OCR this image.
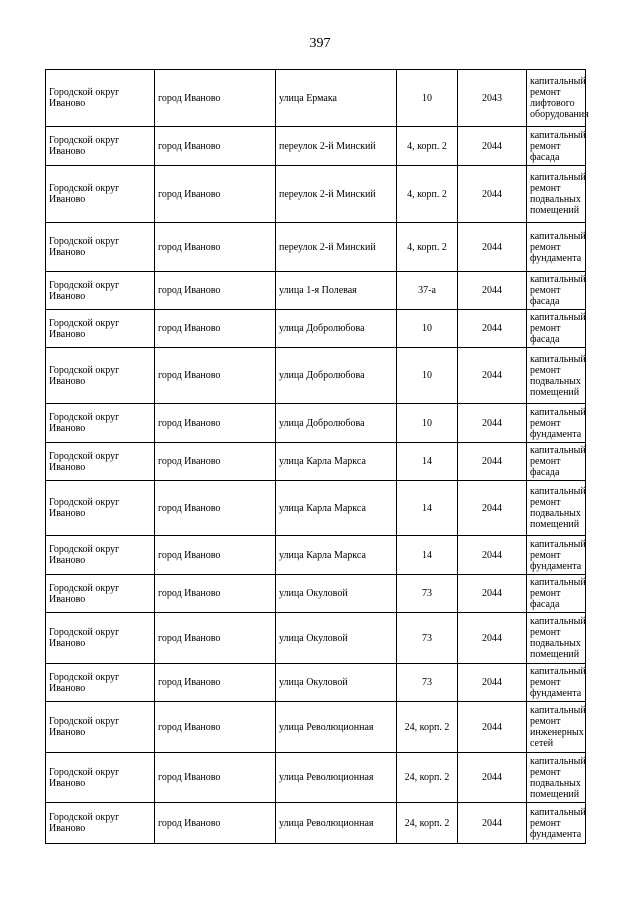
397
Городской округ Иваново	город Иваново	улица Ермака	10	2043	капитальный ремонт лифтового оборудования
Городской округ Иваново	город Иваново	переулок 2-й Минский	4, корп. 2	2044	капитальный ремонт фасада
Городской округ Иваново	город Иваново	переулок 2-й Минский	4, корп. 2	2044	капитальный ремонт подвальных помещений
Городской округ Иваново	город Иваново	переулок 2-й Минский	4, корп. 2	2044	капитальный ремонт фундамента
Городской округ Иваново	город Иваново	улица 1-я Полевая	37-а	2044	капитальный ремонт фасада
Городской округ Иваново	город Иваново	улица Добролюбова	10	2044	капитальный ремонт фасада
Городской округ Иваново	город Иваново	улица Добролюбова	10	2044	капитальный ремонт подвальных помещений
Городской округ Иваново	город Иваново	улица Добролюбова	10	2044	капитальный ремонт фундамента
Городской округ Иваново	город Иваново	улица Карла Маркса	14	2044	капитальный ремонт фасада
Городской округ Иваново	город Иваново	улица Карла Маркса	14	2044	капитальный ремонт подвальных помещений
Городской округ Иваново	город Иваново	улица Карла Маркса	14	2044	капитальный ремонт фундамента
Городской округ Иваново	город Иваново	улица Окуловой	73	2044	капитальный ремонт фасада
Городской округ Иваново	город Иваново	улица Окуловой	73	2044	капитальный ремонт подвальных помещений
Городской округ Иваново	город Иваново	улица Окуловой	73	2044	капитальный ремонт фундамента
Городской округ Иваново	город Иваново	улица Революционная	24, корп. 2	2044	капитальный ремонт инженерных сетей
Городской округ Иваново	город Иваново	улица Революционная	24, корп. 2	2044	капитальный ремонт подвальных помещений
Городской округ Иваново	город Иваново	улица Революционная	24, корп. 2	2044	капитальный ремонт фундамента
